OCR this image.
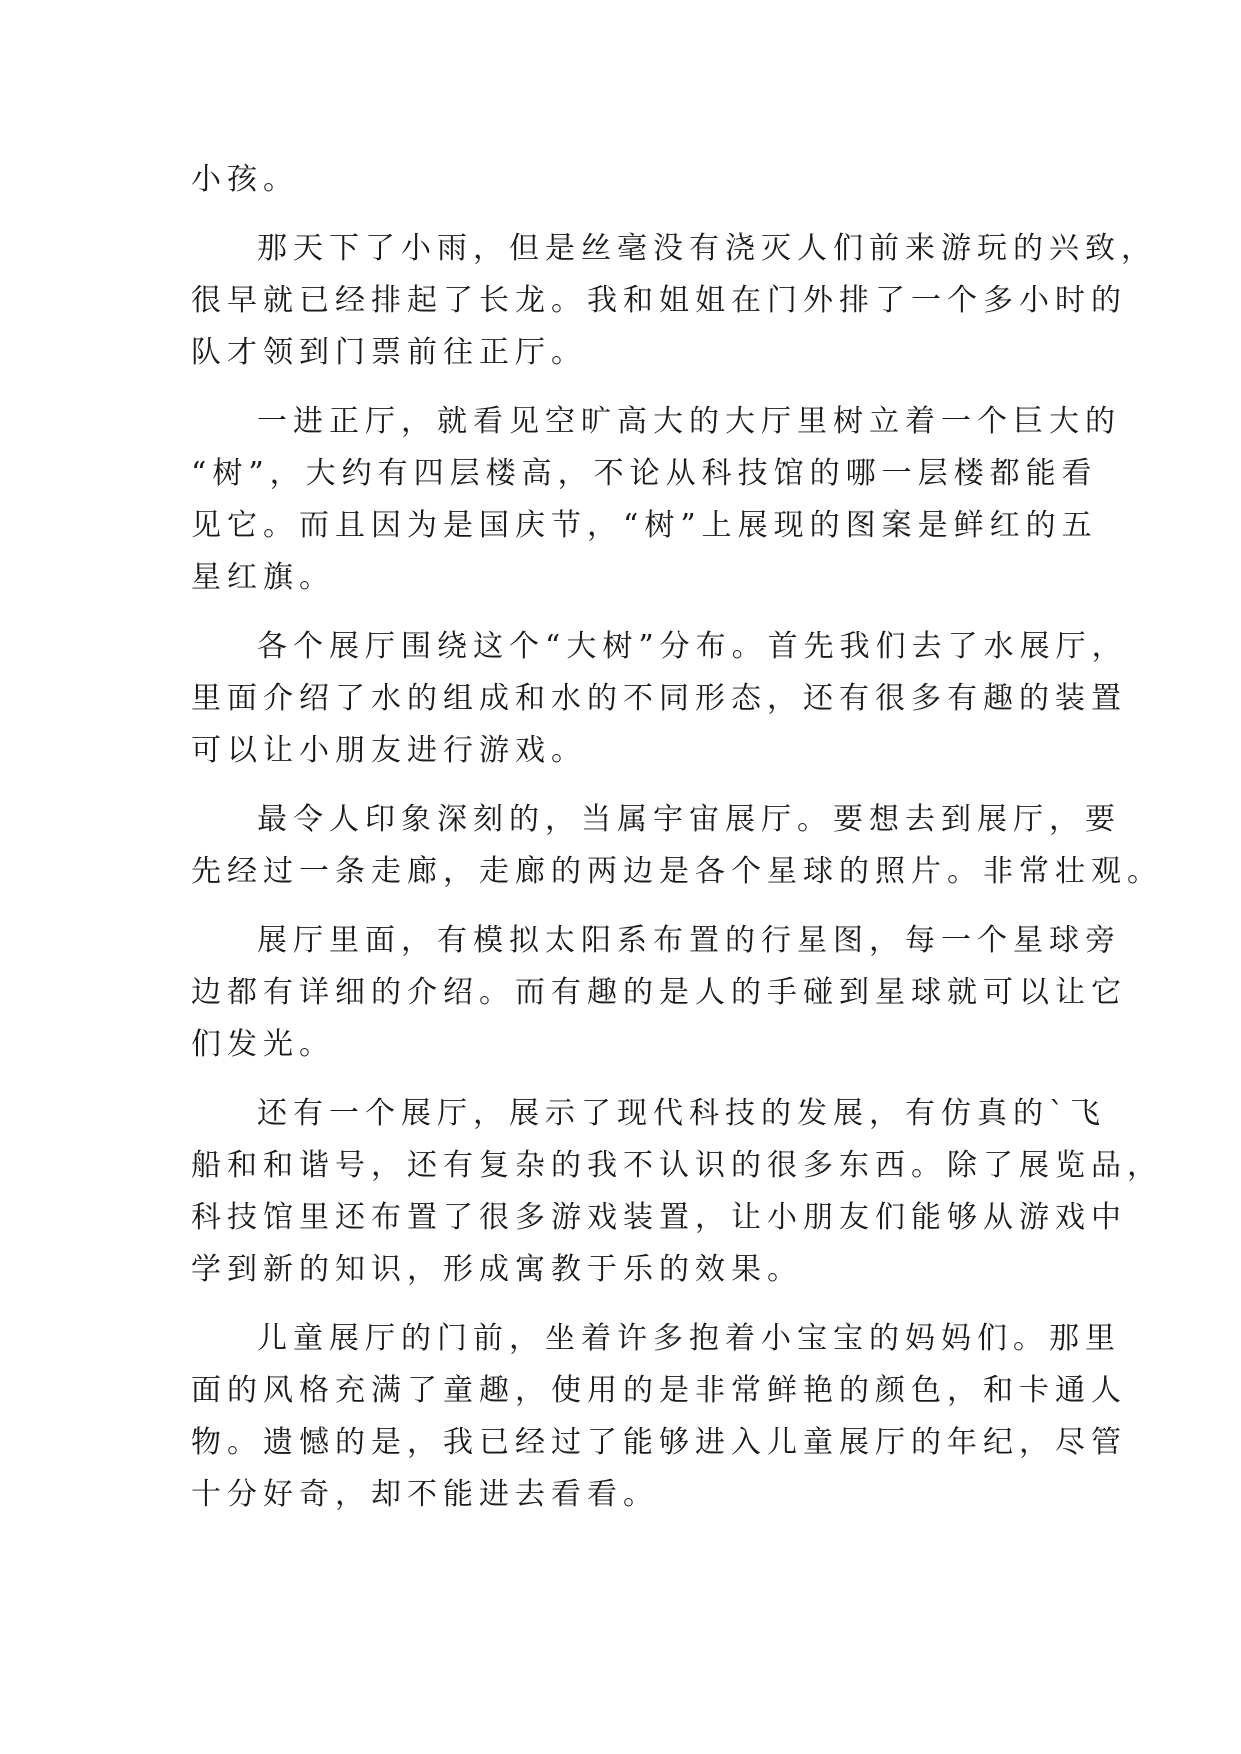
小孩。

那天下了小雨，但是丝毫没有浇灭人们前来游玩的兴致，

很早就已经排起了长龙。我和姐姐在门外排了一个多小时的

队才领到门票前往正厅。

一进正厅，就看见空旷高大的大厅里树立着一个巨大的

“树”，大约有四层楼高，不论从科技馆的哪一层楼都能看

见它。而且因为是国庆节，“树”上展现的图案是鲜红的五

星红旗。

各个展厅围绕这个“大树”分布。首先我们去了水展厅，

里面介绍了水的组成和水的不同形态，还有很多有趣的装置

可以让小朋友进行游戏。

最令人印象深刻的，当属宇宙展厅。要想去到展厅，要

先经过一条走廊，走廊的两边是各个星球的照片。非常壮观。

展厅里面，有模拟太阳系布置的行星图，每一个星球旁

边都有详细的介绍。而有趣的是人的手碰到星球就可以让它

们发光。

还有一个展厅，展示了现代科技的发展，有仿真的`飞

船和和谐号，还有复杂的我不认识的很多东西。除了展览品，

科技馆里还布置了很多游戏装置，让小朋友们能够从游戏中

学到新的知识，形成寓教于乐的效果。

儿童展厅的门前，坐着许多抱着小宝宝的妈妈们。那里

面的风格充满了童趣，使用的是非常鲜艳的颜色，和卡通人

物。遗憾的是，我已经过了能够进入儿童展厅的年纪，尽管

十分好奇，却不能进去看看。
